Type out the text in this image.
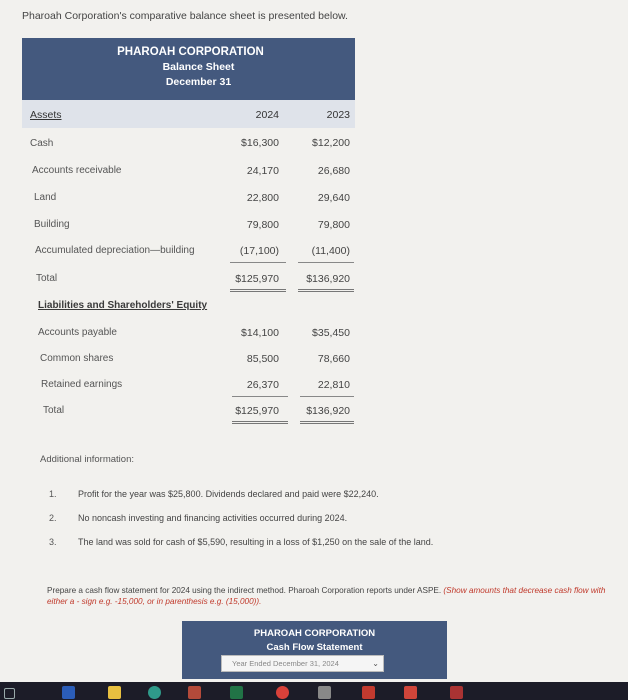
Pharoah Corporation's comparative balance sheet is presented below.
PHAROAH CORPORATION
Balance Sheet
December 31
Assets	2024	2023
Cash	$16,300	$12,200
Accounts receivable	24,170	26,680
Land	22,800	29,640
Building	79,800	79,800
Accumulated depreciation—building	(17,100)	(11,400)
Total	$125,970	$136,920
Liabilities and Shareholders' Equity
Accounts payable	$14,100	$35,450
Common shares	85,500	78,660
Retained earnings	26,370	22,810
Total	$125,970	$136,920
Additional information:
1. Profit for the year was $25,800. Dividends declared and paid were $22,240.
2. No noncash investing and financing activities occurred during 2024.
3. The land was sold for cash of $5,590, resulting in a loss of $1,250 on the sale of the land.
Prepare a cash flow statement for 2024 using the indirect method. Pharoah Corporation reports under ASPE. (Show amounts that decrease cash flow with either a - sign e.g. -15,000, or in parenthesis e.g. (15,000)).
PHAROAH CORPORATION
Cash Flow Statement
Year Ended December 31, 2024	⌄
